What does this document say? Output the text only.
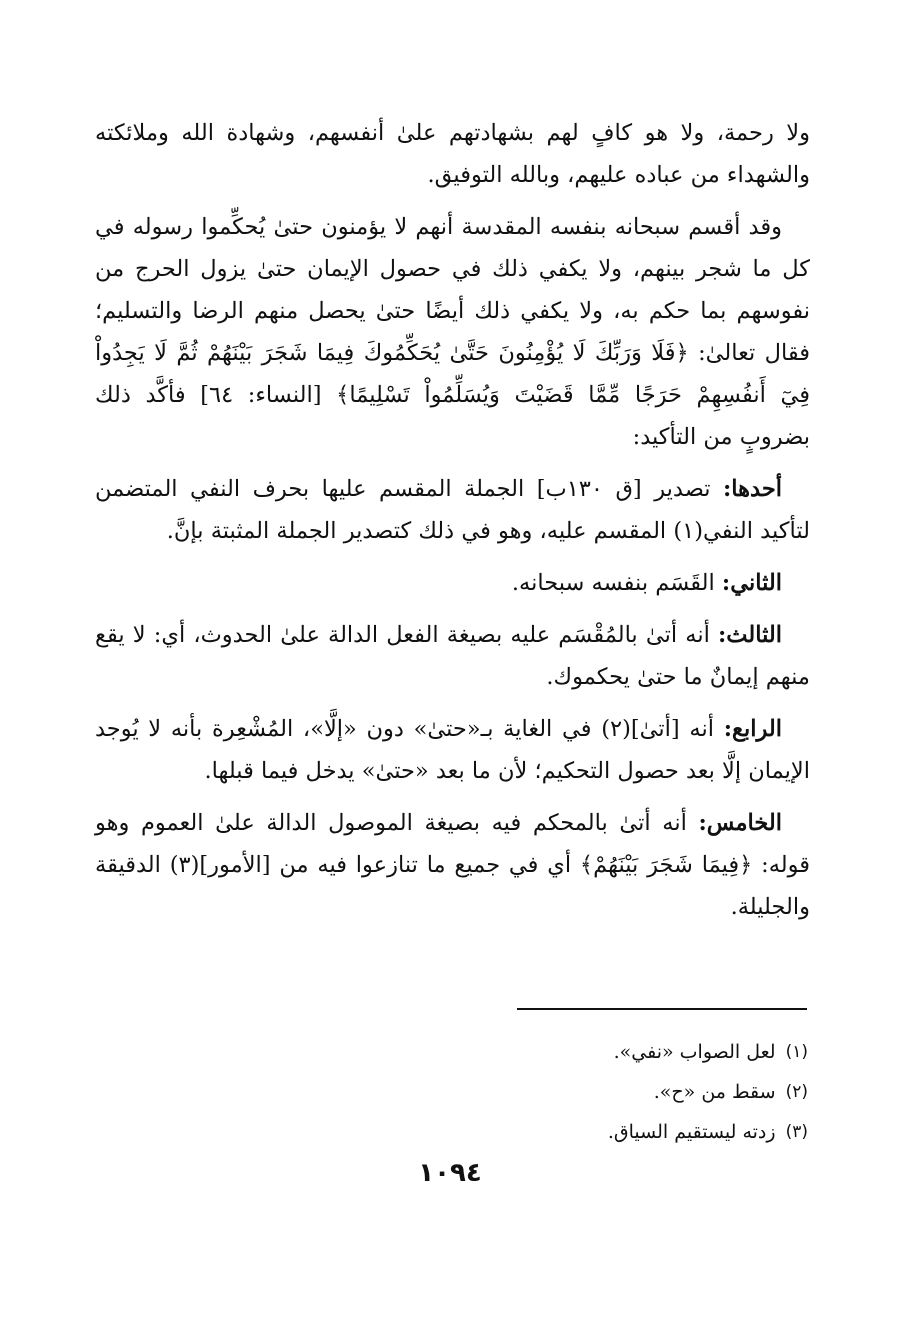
ولا رحمة، ولا هو كافٍ لهم بشهادتهم علىٰ أنفسهم، وشهادة الله وملائكته والشهداء من عباده عليهم، وبالله التوفيق.

وقد أقسم سبحانه بنفسه المقدسة أنهم لا يؤمنون حتىٰ يُحكِّموا رسوله في كل ما شجر بينهم، ولا يكفي ذلك في حصول الإيمان حتىٰ يزول الحرج من نفوسهم بما حكم به، ولا يكفي ذلك أيضًا حتىٰ يحصل منهم الرضا والتسليم؛ فقال تعالىٰ: ﴿فَلَا وَرَبِّكَ لَا يُؤْمِنُونَ حَتَّىٰ يُحَكِّمُوكَ فِيمَا شَجَرَ بَيْنَهُمْ ثُمَّ لَا يَجِدُواْ فِيٓ أَنفُسِهِمْ حَرَجًا مِّمَّا قَضَيْتَ وَيُسَلِّمُواْ تَسْلِيمًا﴾ [النساء: ٦٤] فأكَّد ذلك بضروبٍ من التأكيد:

أحدها: تصدير [ق ١٣٠ب] الجملة المقسم عليها بحرف النفي المتضمن لتأكيد النفي(١) المقسم عليه، وهو في ذلك كتصدير الجملة المثبتة بإنَّ.

الثاني: القَسَم بنفسه سبحانه.

الثالث: أنه أتىٰ بالمُقْسَم عليه بصيغة الفعل الدالة علىٰ الحدوث، أي: لا يقع منهم إيمانٌ ما حتىٰ يحكموك.

الرابع: أنه [أتىٰ](٢) في الغاية بـ«حتىٰ» دون «إلَّا»، المُشْعِرة بأنه لا يُوجد الإيمان إلَّا بعد حصول التحكيم؛ لأن ما بعد «حتىٰ» يدخل فيما قبلها.

الخامس: أنه أتىٰ بالمحكم فيه بصيغة الموصول الدالة علىٰ العموم وهو قوله: ﴿فِيمَا شَجَرَ بَيْنَهُمْ﴾ أي في جميع ما تنازعوا فيه من [الأمور](٣) الدقيقة والجليلة.

(١)
لعل الصواب «نفي».
(٢)
سقط من «ح».
(٣)
زدته ليستقيم السياق.
١٠٩٤
